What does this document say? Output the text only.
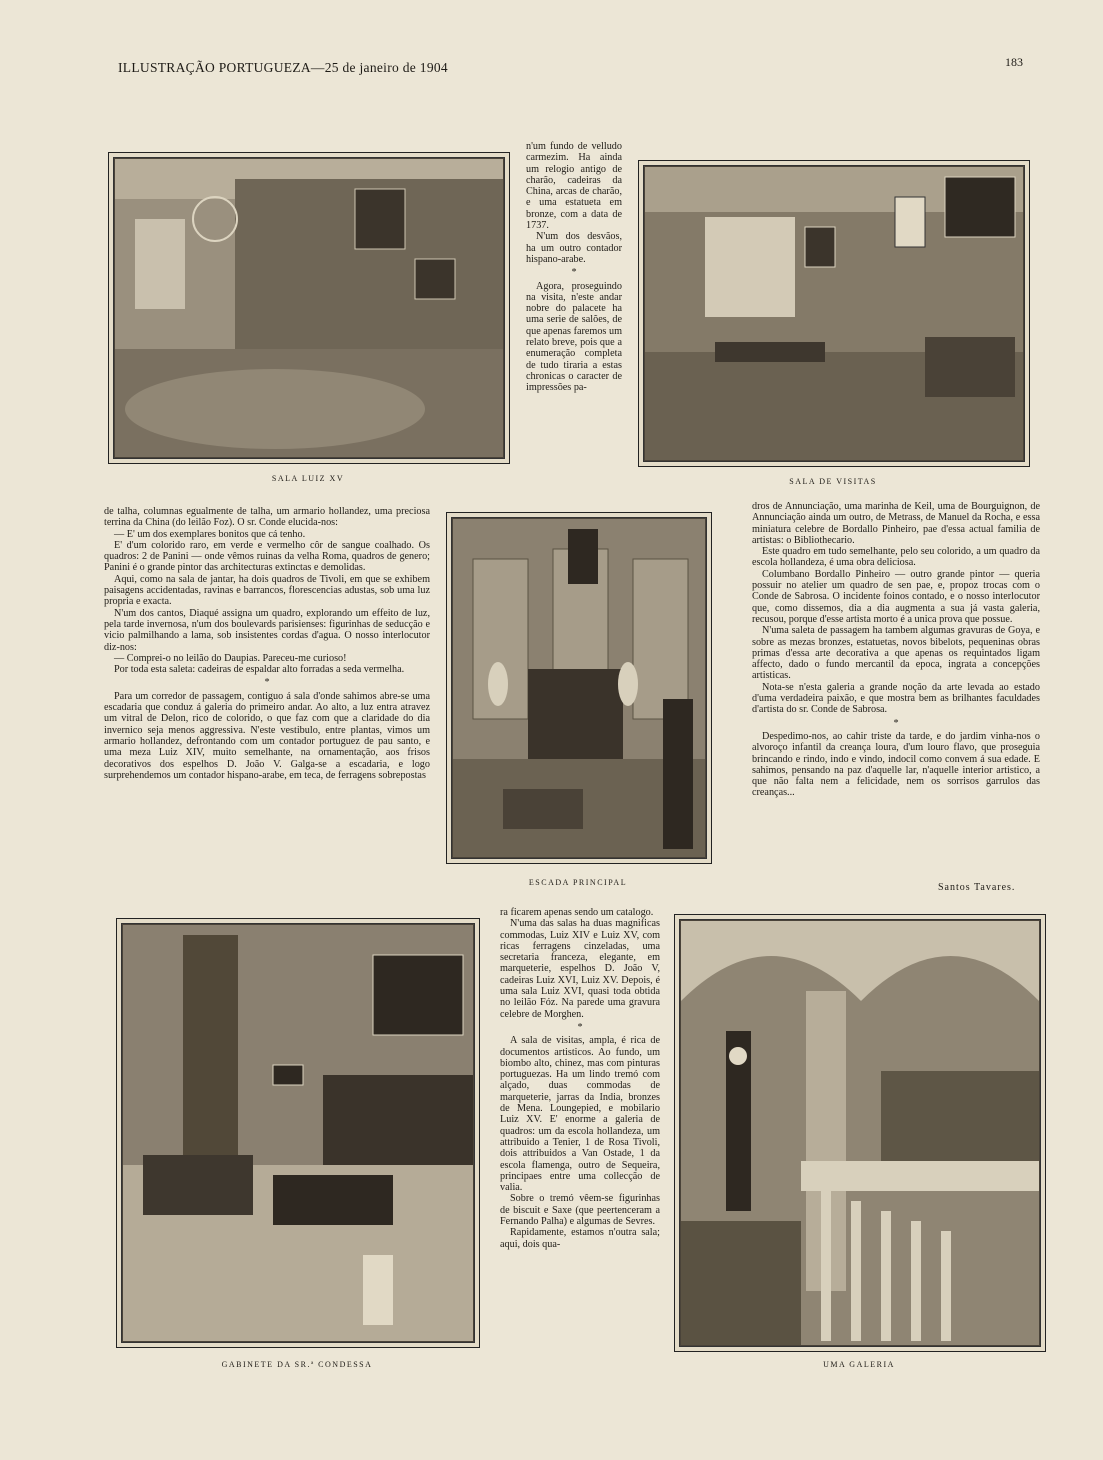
ILLUSTRAÇÃO PORTUGUEZA—25 de janeiro de 1904	183
SALA LUIZ XV

n'um fundo de velludo carmezim. Ha ainda um relogio antigo de charão, cadeiras da China, arcas de charão, e uma estatueta em bronze, com a data de 1737.

N'um dos desvãos, ha um outro contador hispano-arabe.

*

Agora, proseguindo na visita, n'este andar nobre do palacete ha uma serie de salões, de que apenas faremos um relato breve, pois que a enumeração completa de tudo tiraria a estas chronicas o caracter de impressões pa-

SALA DE VISITAS

de talha, columnas egualmente de talha, um armario hollandez, uma preciosa terrina da China (do leilão Foz). O sr. Conde elucida-nos:

— E' um dos exemplares bonitos que cá tenho.

E' d'um colorido raro, em verde e vermelho côr de sangue coalhado. Os quadros: 2 de Panini — onde vêmos ruinas da velha Roma, quadros de genero; Panini é o grande pintor das architecturas extinctas e demolidas.

Aqui, como na sala de jantar, ha dois quadros de Tivoli, em que se exhibem paisagens accidentadas, ravinas e barrancos, florescencias adustas, sob uma luz propria e exacta.

N'um dos cantos, Diaqué assigna um quadro, explorando um effeito de luz, pela tarde invernosa, n'um dos boulevards parisienses: figurinhas de seducção e vicio palmilhando a lama, sob insistentes cordas d'agua. O nosso interlocutor diz-nos:

— Comprei-o no leilão do Daupias. Pareceu-me curioso!

Por toda esta saleta: cadeiras de espaldar alto forradas a seda vermelha.

*

Para um corredor de passagem, contiguo á sala d'onde sahimos abre-se uma escadaria que conduz á galeria do primeiro andar. Ao alto, a luz entra atravez um vitral de Delon, rico de colorido, o que faz com que a claridade do dia invernico seja menos aggressiva. N'este vestibulo, entre plantas, vimos um armario hollandez, defrontando com um contador portuguez de pau santo, e uma meza Luiz XIV, muito semelhante, na ornamentação, aos frisos decorativos dos espelhos D. João V. Galga-se a escadaria, e logo surprehendemos um contador hispano-arabe, em teca, de ferragens sobrepostas

ESCADA PRINCIPAL

dros de Annunciação, uma marinha de Keil, uma de Bourguignon, de Annunciação ainda um outro, de Metrass, de Manuel da Rocha, e essa miniatura celebre de Bordallo Pinheiro, pae d'essa actual familia de artistas: o Bibliothecario.

Este quadro em tudo semelhante, pelo seu colorido, a um quadro da escola hollandeza, é uma obra deliciosa.

Columbano Bordallo Pinheiro — outro grande pintor — queria possuir no atelier um quadro de sen pae, e, propoz trocas com o Conde de Sabrosa. O incidente foinos contado, e o nosso interlocutor que, como dissemos, dia a dia augmenta a sua já vasta galeria, recusou, porque d'esse artista morto é a unica prova que possue.

N'uma saleta de passagem ha tambem algumas gravuras de Goya, e sobre as mezas bronzes, estatuetas, novos bibelots, pequeninas obras primas d'essa arte decorativa a que apenas os requintados ligam affecto, dado o fundo mercantil da epoca, ingrata a concepções artisticas.

Nota-se n'esta galeria a grande noção da arte levada ao estado d'uma verdadeira paixão, e que mostra bem as brilhantes faculdades d'artista do sr. Conde de Sabrosa.

*

Despedimo-nos, ao cahir triste da tarde, e do jardim vinha-nos o alvoroço infantil da creança loura, d'um louro flavo, que proseguia brincando e rindo, indo e vindo, indocil como convem á sua edade. E sahimos, pensando na paz d'aquelle lar, n'aquelle interior artistico, a que não falta nem a felicidade, nem os sorrisos garrulos das creanças...

Santos Tavares.
GABINETE DA SR.ª CONDESSA

ra ficarem apenas sendo um catalogo.

N'uma das salas ha duas magnificas commodas, Luiz XIV e Luiz XV, com ricas ferragens cinzeladas, uma secretaria franceza, elegante, em marqueterie, espelhos D. João V, cadeiras Luiz XVI, Luiz XV. Depois, é uma sala Luiz XVI, quasi toda obtida no leilão Fóz. Na parede uma gravura celebre de Morghen.

*

A sala de visitas, ampla, é rica de documentos artisticos. Ao fundo, um biombo alto, chinez, mas com pinturas portuguezas. Ha um lindo tremó com alçado, duas commodas de marqueterie, jarras da India, bronzes de Mena. Loungepied, e mobilario Luiz XV. E' enorme a galeria de quadros: um da escola hollandeza, um attribuido a Tenier, 1 de Rosa Tivoli, dois attribuidos a Van Ostade, 1 da escola flamenga, outro de Sequeira, principaes entre uma collecção de valia.

Sobre o tremó vêem-se figurinhas de biscuit e Saxe (que peertenceram a Fernando Palha) e algumas de Sevres.

Rapidamente, estamos n'outra sala; aqui, dois qua-

UMA GALERIA
